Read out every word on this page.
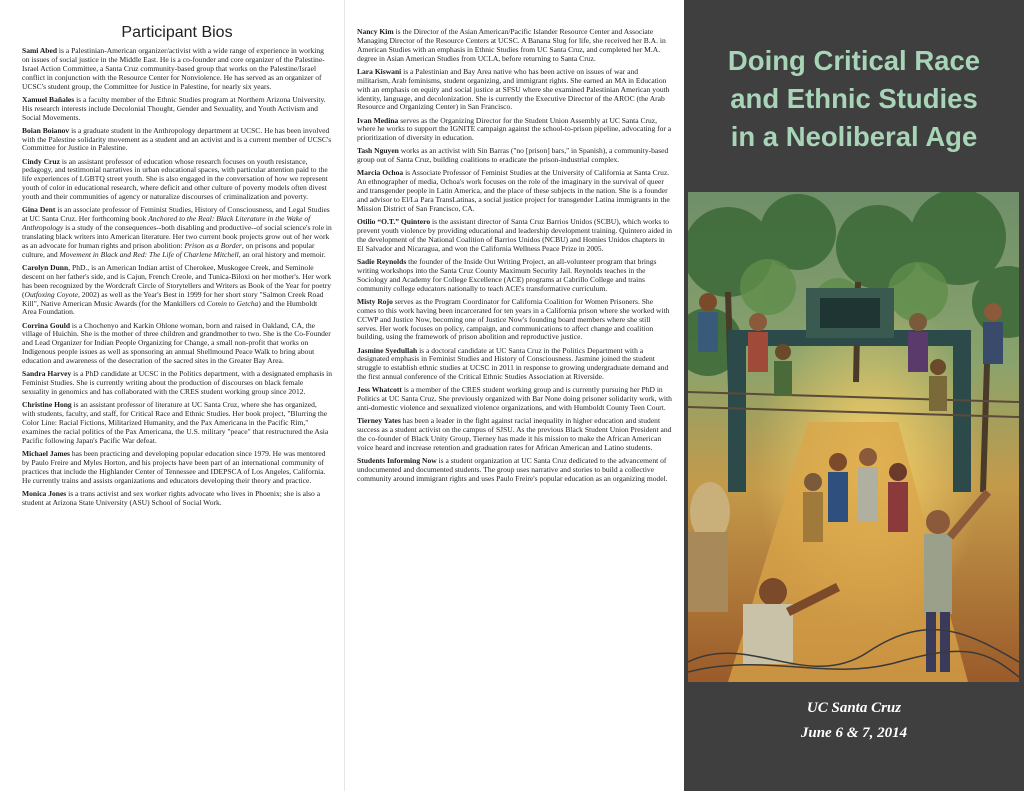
Participant Bios

Sami Abed is a Palestinian-American organizer/activist with a wide range of experience in working on issues of social justice in the Middle East. He is a co-founder and core organizer of the Palestine-Israel Action Committee, a Santa Cruz community-based group that works on the Palestine/Israel conflict in conjunction with the Resource Center for Nonviolence. He has served as an organizer of UCSC's student group, the Committee for Justice in Palestine, for nearly six years.

Xamuel Bañales is a faculty member of the Ethnic Studies program at Northern Arizona University. His research interests include Decolonial Thought, Gender and Sexuality, and Youth Activism and Social Movements.

Boian Boianov is a graduate student in the Anthropology department at UCSC. He has been involved with the Palestine solidarity movement as a student and an activist and is a current member of UCSC's Committee for Justice in Palestine.

Cindy Cruz is an assistant professor of education whose research focuses on youth resistance, pedagogy, and testimonial narratives in urban educational spaces, with particular attention paid to the life experiences of LGBTQ street youth. She is also engaged in the conversation of how we represent youth of color in educational research, where deficit and other culture of poverty models often divest youth and their communities of agency or naturalize discourses of criminalization and poverty.

Gina Dent is an associate professor of Feminist Studies, History of Consciousness, and Legal Studies at UC Santa Cruz. Her forthcoming book Anchored to the Real: Black Literature in the Wake of Anthropology is a study of the consequences--both disabling and productive--of social science's role in translating black writers into American literature. Her two current book projects grow out of her work as an advocate for human rights and prison abolition: Prison as a Border, on prisons and popular culture, and Movement in Black and Red: The Life of Charlene Mitchell, an oral history and memoir.

Carolyn Dunn, PhD., is an American Indian artist of Cherokee, Muskogee Creek, and Seminole descent on her father's side, and is Cajun, French Creole, and Tunica-Biloxi on her mother's. Her work has been recognized by the Wordcraft Circle of Storytellers and Writers as Book of the Year for poetry (Outfoxing Coyote, 2002) as well as the Year's Best in 1999 for her short story "Salmon Creek Road Kill", Native American Music Awards (for the Mankillers cd Comin to Getcha) and the Humboldt Area Foundation.

Corrina Gould is a Chochenyo and Karkin Ohlone woman, born and raised in Oakland, CA, the village of Huichin. She is the mother of three children and grandmother to two. She is the Co-Founder and Lead Organizer for Indian People Organizing for Change, a small non-profit that works on Indigenous people issues as well as sponsoring an annual Shellmound Peace Walk to bring about education and awareness of the desecration of the sacred sites in the Greater Bay Area.

Sandra Harvey is a PhD candidate at UCSC in the Politics department, with a designated emphasis in Feminist Studies. She is currently writing about the production of discourses on black female sexuality in genomics and has collaborated with the CRES student working group since 2012.

Christine Hong is an assistant professor of literature at UC Santa Cruz, where she has organized, with students, faculty, and staff, for Critical Race and Ethnic Studies. Her book project, "Blurring the Color Line: Racial Fictions, Militarized Humanity, and the Pax Americana in the Pacific Rim," examines the racial politics of the Pax Americana, the U.S. military "peace" that restructured the Asia Pacific following Japan's Pacific War defeat.

Michael James has been practicing and developing popular education since 1979. He was mentored by Paulo Freire and Myles Horton, and his projects have been part of an international community of practices that include the Highlander Center of Tennessee and IDEPSCA of Los Angeles, California. He currently trains and assists organizations and educators developing their theory and practice.

Monica Jones is a trans activist and sex worker rights advocate who lives in Phoenix; she is also a student at Arizona State University (ASU) School of Social Work.

Nancy Kim is the Director of the Asian American/Pacific Islander Resource Center and Associate Managing Director of the Resource Centers at UCSC. A Banana Slug for life, she received her B.A. in American Studies with an emphasis in Ethnic Studies from UC Santa Cruz, and completed her M.A. degree in Asian American Studies from UCLA, before returning to Santa Cruz.

Lara Kiswani is a Palestinian and Bay Area native who has been active on issues of war and militarism, Arab feminisms, student organizing, and immigrant rights. She earned an MA in Education with an emphasis on equity and social justice at SFSU where she examined Palestinian American youth identity, language, and decolonization. She is currently the Executive Director of the AROC (the Arab Resource and Organizing Center) in San Francisco.

Ivan Medina serves as the Organizing Director for the Student Union Assembly at UC Santa Cruz, where he works to support the IGNITE campaign against the school-to-prison pipeline, advocating for a prioritization of diversity in education.

Tash Nguyen works as an activist with Sin Barras ("no [prison] bars," in Spanish), a community-based group out of Santa Cruz, building coalitions to eradicate the prison-industrial complex.

Marcia Ochoa is Associate Professor of Feminist Studies at the University of California at Santa Cruz. An ethnographer of media, Ochoa's work focuses on the role of the imaginary in the survival of queer and transgender people in Latin America, and the place of these subjects in the nation. She is a founder and advisor to El/La Para TransLatinas, a social justice project for transgender Latina immigrants in the Mission District of San Francisco, CA.

Otilio “O.T.” Quintero is the assistant director of Santa Cruz Barrios Unidos (SCBU), which works to prevent youth violence by providing educational and leadership development training. Quintero aided in the development of the National Coalition of Barrios Unidos (NCBU) and Homies Unidos chapters in El Salvador and Nicaragua, and won the California Wellness Peace Prize in 2005.

Sadie Reynolds the founder of the Inside Out Writing Project, an all-volunteer program that brings writing workshops into the Santa Cruz County Maximum Security Jail. Reynolds teaches in the Sociology and Academy for College Excellence (ACE) programs at Cabrillo College and trains community college educators nationally to teach ACE's transformative curriculum.

Misty Rojo serves as the Program Coordinator for California Coalition for Women Prisoners. She comes to this work having been incarcerated for ten years in a California prison where she worked with CCWP and Justice Now, becoming one of Justice Now's founding board members where she still serves. Her work focuses on policy, campaign, and communications to affect change and coalition building, using the framework of prison abolition and reproductive justice.

Jasmine Syedullah is a doctoral candidate at UC Santa Cruz in the Politics Department with a designated emphasis in Feminist Studies and History of Consciousness. Jasmine joined the student struggle to establish ethnic studies at UCSC in 2011 in response to growing undergraduate demand and the first annual conference of the Critical Ethnic Studies Association at Riverside.

Jess Whatcott is a member of the CRES student working group and is currently pursuing her PhD in Politics at UC Santa Cruz. She previously organized with Bar None doing prisoner solidarity work, with anti-domestic violence and sexualized violence organizations, and with Humboldt County Teen Court.

Tierney Yates has been a leader in the fight against racial inequality in higher education and student success as a student activist on the campus of SJSU. As the previous Black Student Union President and the co-founder of Black Unity Group, Tierney has made it his mission to make the African American voice heard and increase retention and graduation rates for African American and Latino students.

Students Informing Now is a student organization at UC Santa Cruz dedicated to the advancement of undocumented and documented students. The group uses narrative and stories to build a collective community around immigrant rights and uses Paulo Freire's popular education as an organizing model.

Doing Critical Race
and Ethnic Studies
in a Neoliberal Age
UC Santa Cruz
June 6 & 7, 2014
